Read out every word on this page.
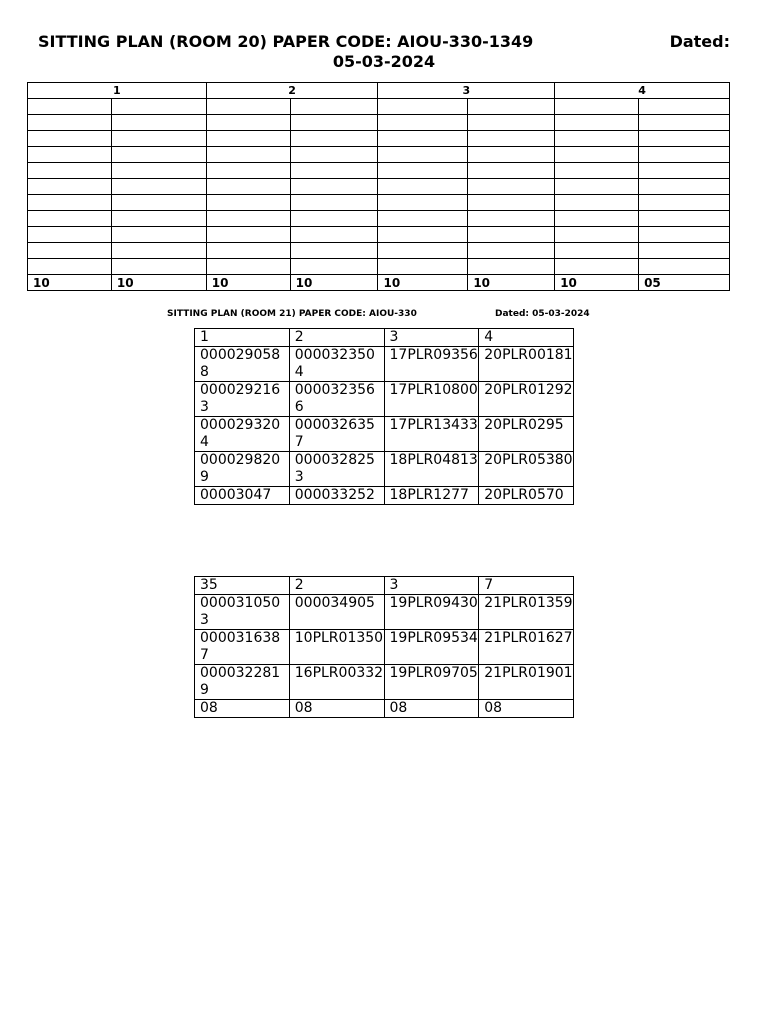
SITTING PLAN (ROOM 20) PAPER CODE: AIOU-330-1349	Dated:
05-03-2024
1		2		3		4	

10	10	10	10	10	10	10	05
SITTING PLAN (ROOM 21) PAPER CODE: AIOU-330	Dated: 05-03-2024
1	2	3	4
0000290588	0000323504	17PLR09356	20PLR00181
0000292163	0000323566	17PLR10800	20PLR01292
0000293204	0000326357	17PLR13433	20PLR0295
0000298209	0000328253	18PLR04813	20PLR05380
00003047	000033252	18PLR1277	20PLR0570
35	2	3	7
0000310503	000034905	19PLR09430	21PLR01359
0000316387	10PLR01350	19PLR09534	21PLR01627
0000322819	16PLR00332	19PLR09705	21PLR01901
08	08	08	08
